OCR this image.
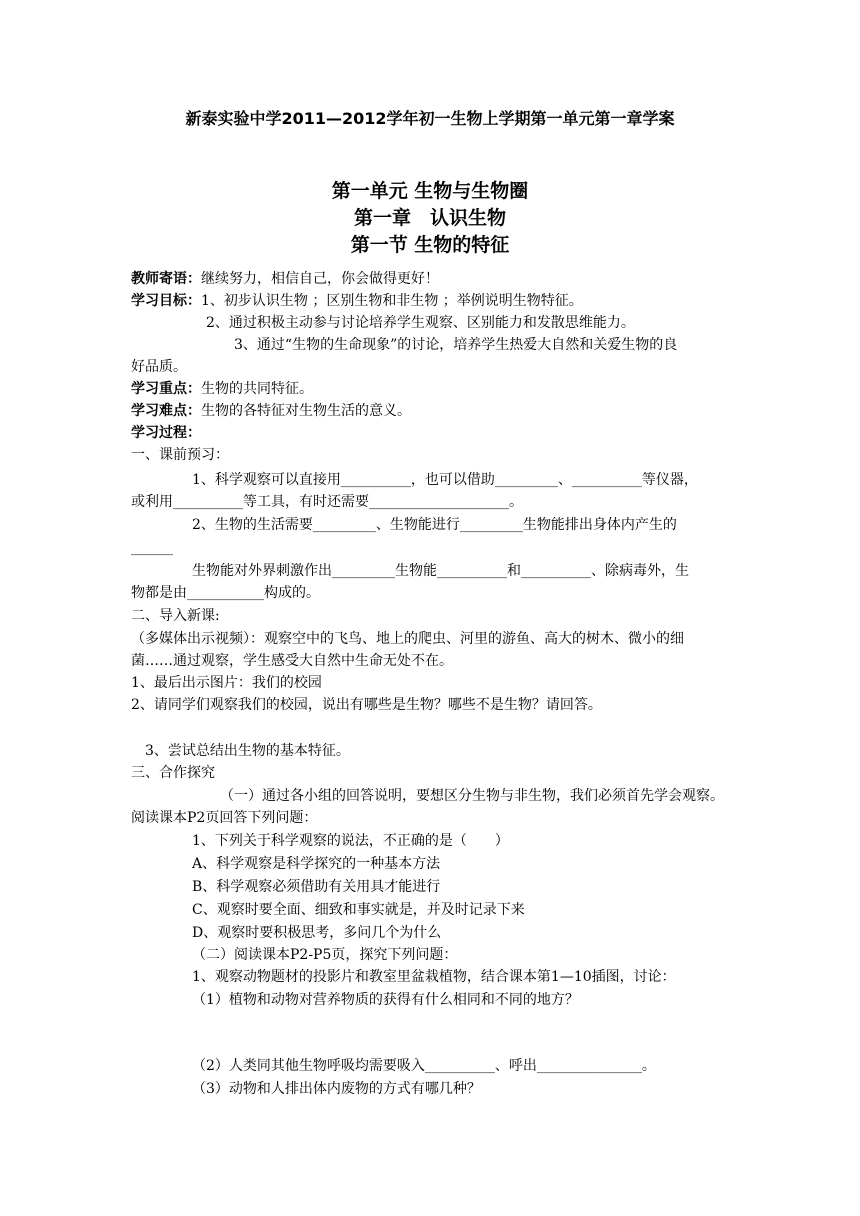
新泰实验中学2011—2012学年初一生物上学期第一单元第一章学案
第一单元 生物与生物圈
第一章　认识生物
第一节 生物的特征
教师寄语：继续努力，相信自己，你会做得更好！
学习目标：1、初步认识生物 ；区别生物和非生物 ；举例说明生物特征。
2、通过积极主动参与讨论培养学生观察、区别能力和发散思维能力。
3、通过“生物的生命现象”的讨论，培养学生热爱大自然和关爱生物的良
好品质。
学习重点：生物的共同特征。
学习难点：生物的各特征对生物生活的意义。
学习过程：
一、课前预习：
1、科学观察可以直接用__________，也可以借助_________、__________等仪器，
或利用__________等工具，有时还需要____________________。
2、生物的生活需要_________、生物能进行_________生物能排出身体内产生的
______
生物能对外界刺激作出_________生物能__________和__________、除病毒外，生
物都是由___________构成的。
二、导入新课:
（多媒体出示视频）：观察空中的飞鸟、地上的爬虫、河里的游鱼、高大的树木、微小的细
菌……通过观察，学生感受大自然中生命无处不在。
1、最后出示图片：我们的校园
2、请同学们观察我们的校园，说出有哪些是生物？哪些不是生物？请回答。
3、尝试总结出生物的基本特征。
三、合作探究
（一）通过各小组的回答说明，要想区分生物与非生物，我们必须首先学会观察。
阅读课本P2页回答下列问题：
1、下列关于科学观察的说法，不正确的是（　　）
A、科学观察是科学探究的一种基本方法
B、科学观察必须借助有关用具才能进行
C、观察时要全面、细致和事实就是，并及时记录下来
D、观察时要积极思考，多问几个为什么
（二）阅读课本P2-P5页，探究下列问题：
1、观察动物题材的投影片和教室里盆栽植物，结合课本第1—10插图，讨论：
（1）植物和动物对营养物质的获得有什么相同和不同的地方？
（2）人类同其他生物呼吸均需要吸入__________、呼出_______________。
（3）动物和人排出体内废物的方式有哪几种？
